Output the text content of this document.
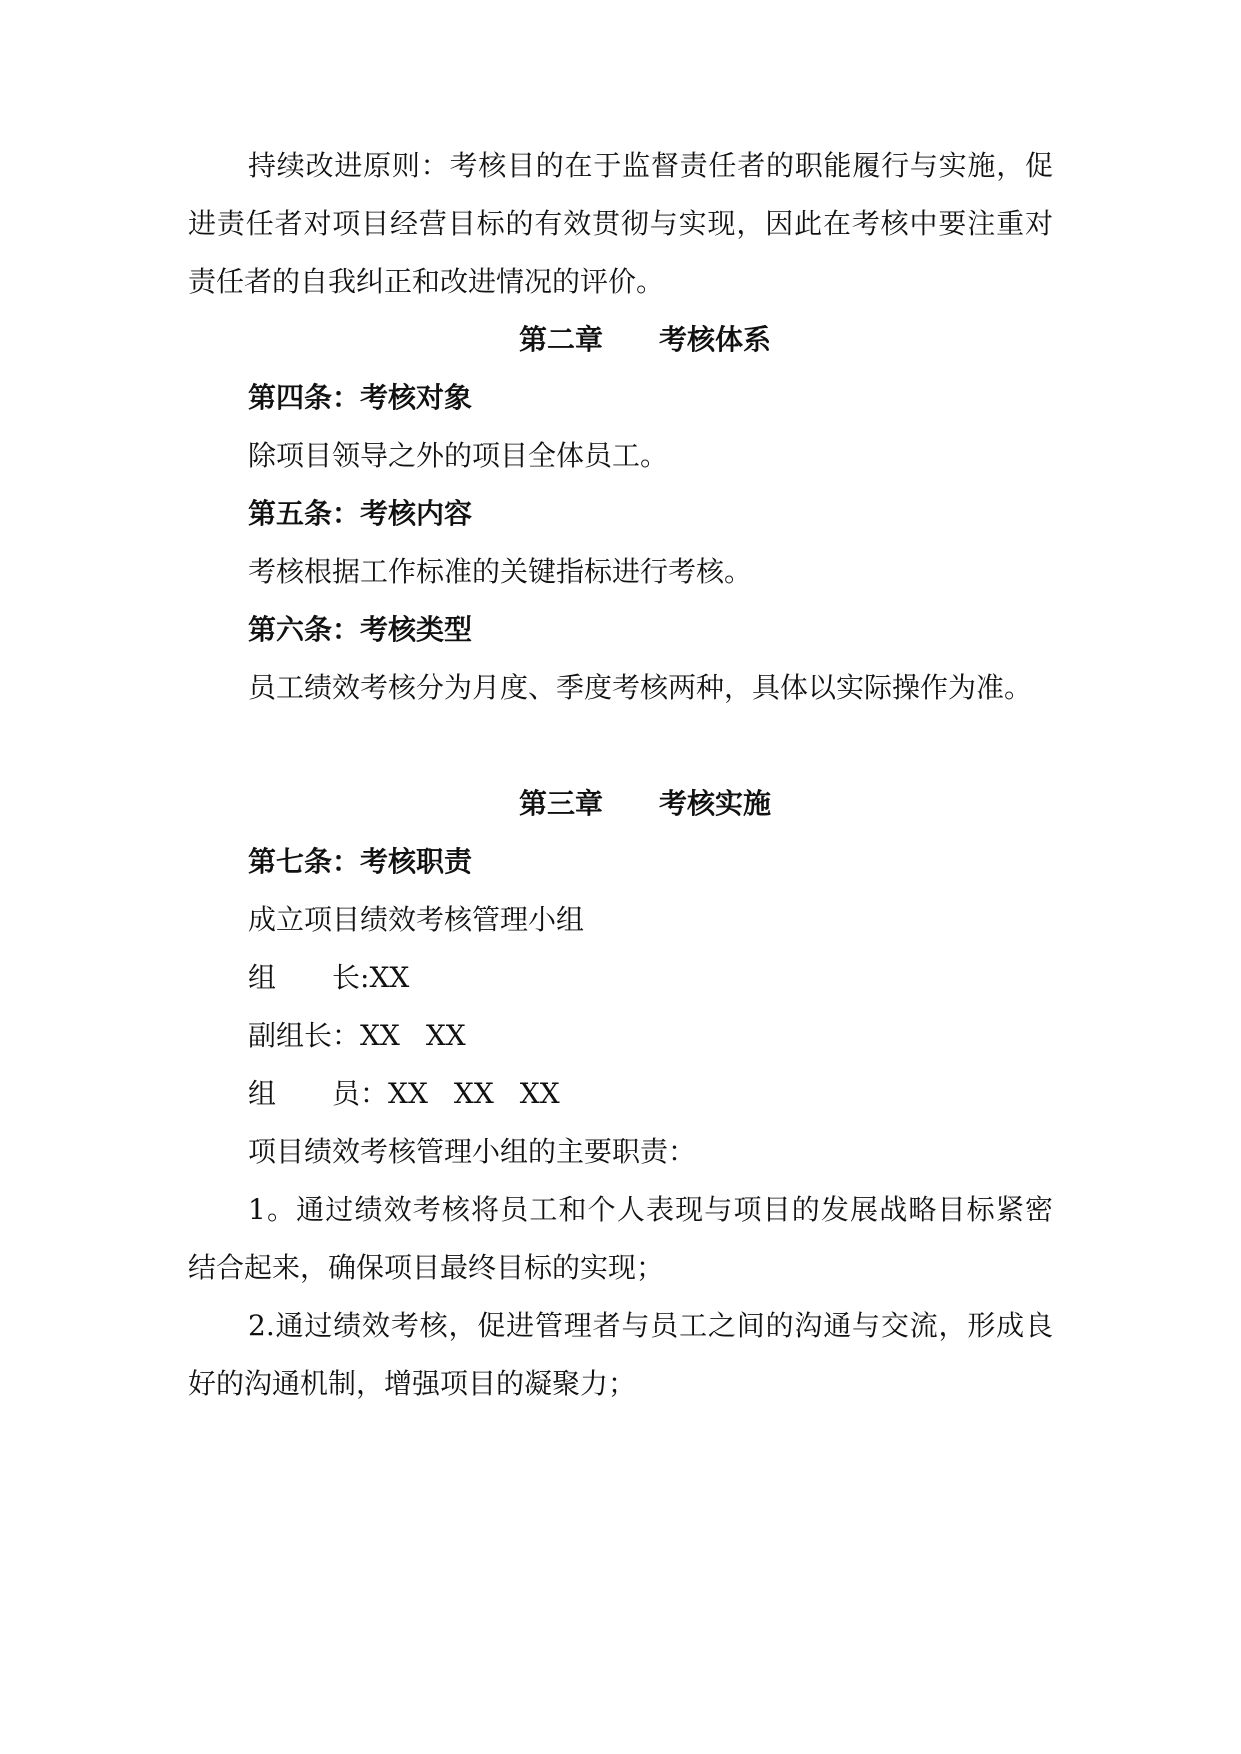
持续改进原则：考核目的在于监督责任者的职能履行与实施，促
进责任者对项目经营目标的有效贯彻与实现，因此在考核中要注重对
责任者的自我纠正和改进情况的评价。
第二章 考核体系
第四条：考核对象
除项目领导之外的项目全体员工。
第五条：考核内容
考核根据工作标准的关键指标进行考核。
第六条：考核类型
员工绩效考核分为月度、季度考核两种，具体以实际操作为准。
第三章 考核实施
第七条：考核职责
成立项目绩效考核管理小组
组 长:XX
副组长：XX XX
组 员：XX XX XX
项目绩效考核管理小组的主要职责：
1。通过绩效考核将员工和个人表现与项目的发展战略目标紧密
结合起来，确保项目最终目标的实现；
2.通过绩效考核，促进管理者与员工之间的沟通与交流，形成良
好的沟通机制，增强项目的凝聚力；
